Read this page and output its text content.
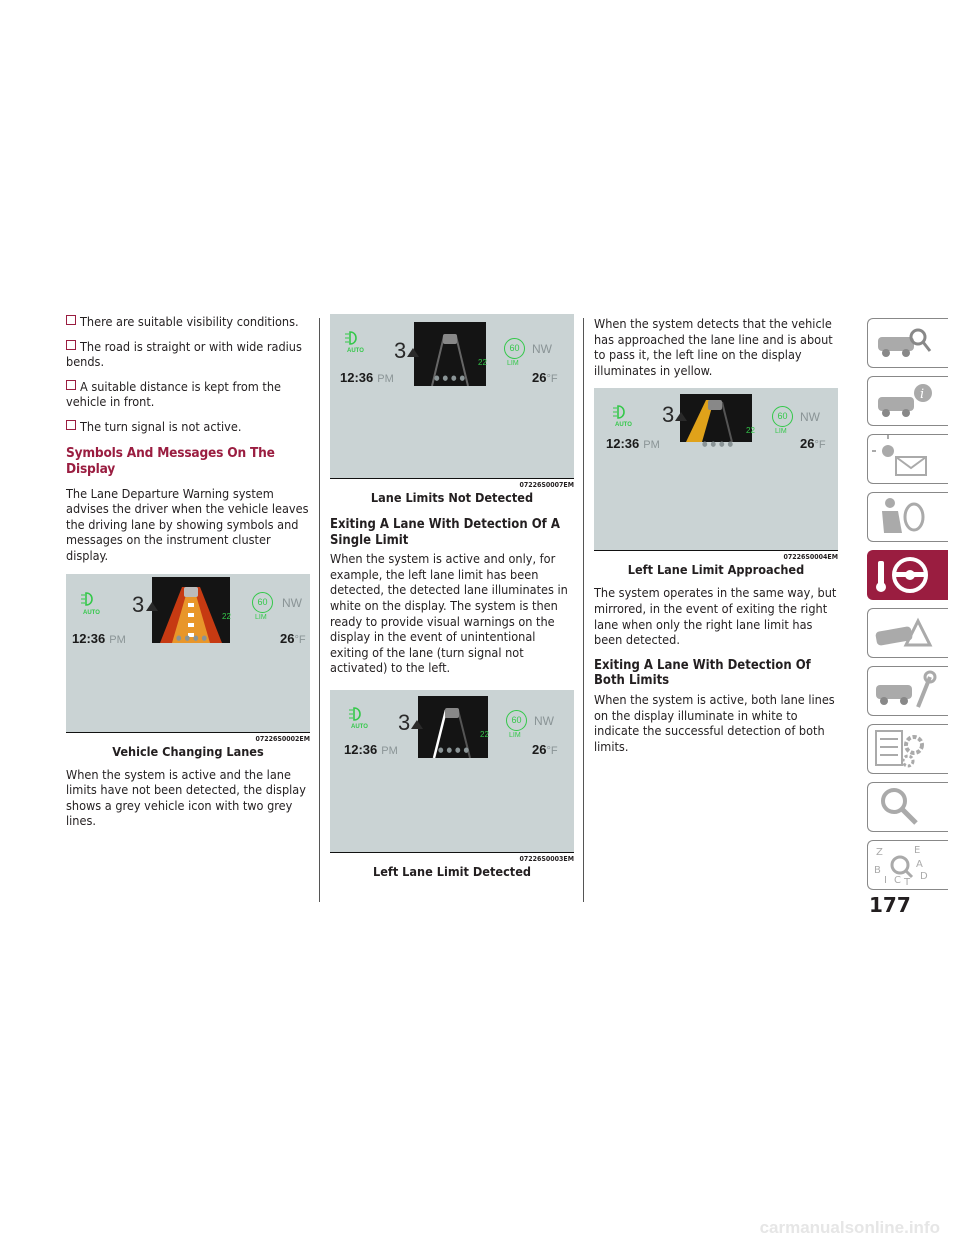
There are suitable visibility conditions.

The road is straight or with wide radius bends.

A suitable distance is kept from the vehicle in front.

The turn signal is not active.

Symbols And Messages On The Display

The Lane Departure Warning system advises the driver when the vehicle leaves the driving lane by showing symbols and messages on the instrument cluster display.

3
AUTO
60
LIM
22
NW
12:36 PM	●●●●	26°F
07226S0002EM
Vehicle Changing Lanes

When the system is active and the lane limits have not been detected, the display shows a grey vehicle icon with two grey lines.

3
AUTO	60
LIM
22
NW
12:36 PM	●●●●	26°F
07226S0007EM
Lane Limits Not Detected
Exiting A Lane With Detection Of A Single Limit

When the system is active and only, for example, the left lane limit has been detected, the detected lane illuminates in white on the display. The system is then ready to provide visual warnings on the display in the event of unintentional exiting of the lane (turn signal not activated) to the left.

3
AUTO
60
LIM
22
NW
12:36 PM	●●●●	26°F
07226S0003EM
Left Lane Limit Detected

When the system detects that the vehicle has approached the lane line and is about to pass it, the left line on the display illuminates in yellow.

3
AUTO
60
LIM
22
NW
12:36 PM	●●●●	26°F
07226S0004EM
Left Lane Limit Approached

The system operates in the same way, but mirrored, in the event of exiting the right lane when only the right lane limit has been detected.

Exiting A Lane With Detection Of Both Limits

When the system is active, both lane lines on the display illuminate in white to indicate the successful detection of both limits.

i
Z	E
A
B
I C T
D
177
carmanualsonline.info
